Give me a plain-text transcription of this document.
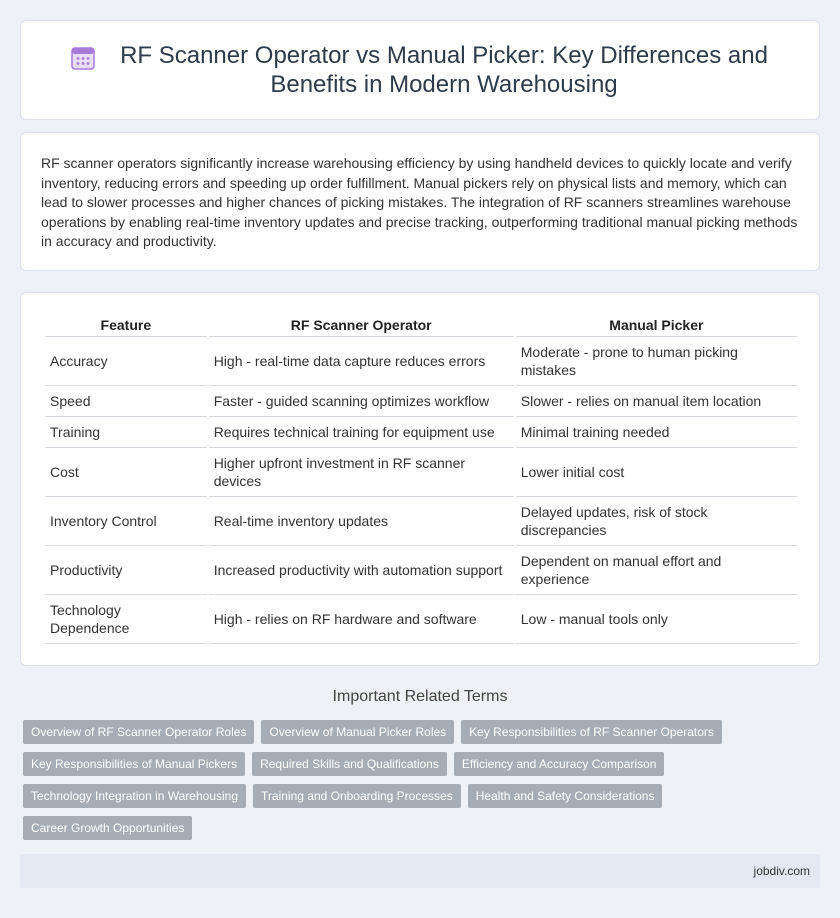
RF Scanner Operator vs Manual Picker: Key Differences and Benefits in Modern Warehousing

RF scanner operators significantly increase warehousing efficiency by using handheld devices to quickly locate and verify inventory, reducing errors and speeding up order fulfillment. Manual pickers rely on physical lists and memory, which can lead to slower processes and higher chances of picking mistakes. The integration of RF scanners streamlines warehouse operations by enabling real-time inventory updates and precise tracking, outperforming traditional manual picking methods in accuracy and productivity.

Feature	RF Scanner Operator	Manual Picker
Accuracy	High - real-time data capture reduces errors	Moderate - prone to human picking mistakes
Speed	Faster - guided scanning optimizes workflow	Slower - relies on manual item location
Training	Requires technical training for equipment use	Minimal training needed
Cost	Higher upfront investment in RF scanner devices	Lower initial cost
Inventory Control	Real-time inventory updates	Delayed updates, risk of stock discrepancies
Productivity	Increased productivity with automation support	Dependent on manual effort and experience
Technology Dependence	High - relies on RF hardware and software	Low - manual tools only
Important Related Terms
Overview of RF Scanner Operator Roles	Overview of Manual Picker Roles	Key Responsibilities of RF Scanner Operators
Key Responsibilities of Manual Pickers	Required Skills and Qualifications	Efficiency and Accuracy Comparison
Technology Integration in Warehousing	Training and Onboarding Processes	Health and Safety Considerations
Career Growth Opportunities
jobdiv.com
